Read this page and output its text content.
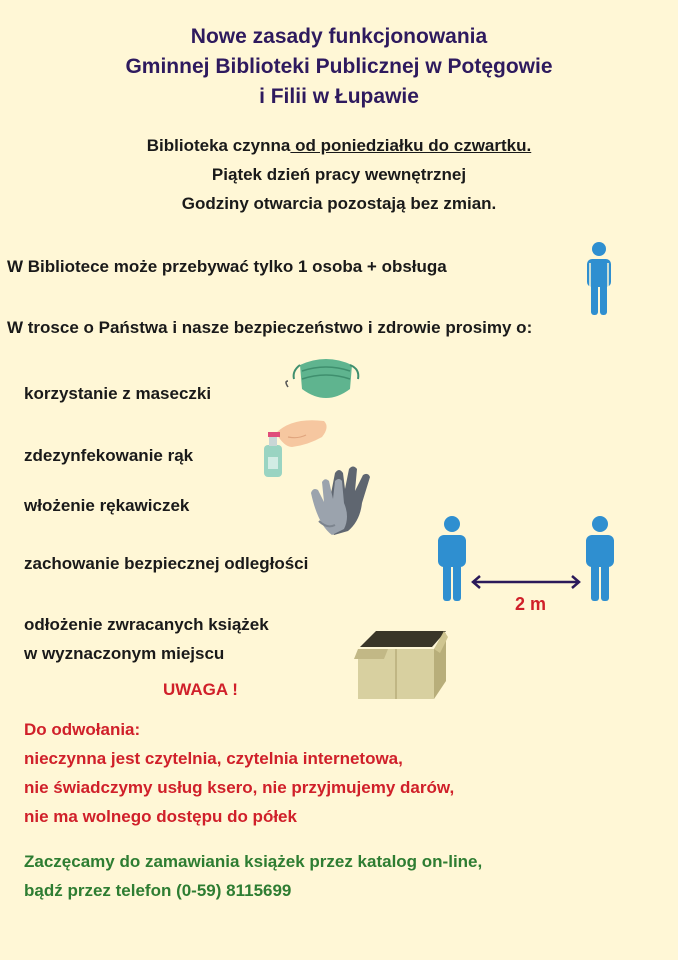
Nowe zasady funkcjonowania
Gminnej Biblioteki Publicznej w Potęgowie
i Filii w Łupawie
Biblioteka czynna od poniedziałku do czwartku.
Piątek dzień pracy wewnętrznej
Godziny otwarcia pozostają bez zmian.
W Bibliotece może przebywać tylko 1 osoba + obsługa
W trosce o Państwa i nasze bezpieczeństwo i zdrowie prosimy o:
korzystanie z maseczki
zdezynfekowanie rąk
włożenie rękawiczek
zachowanie bezpiecznej odległości
2 m
odłożenie zwracanych książek
w wyznaczonym miejscu
UWAGA !
Do odwołania:
nieczynna jest czytelnia, czytelnia internetowa,
nie świadczymy usług ksero, nie przyjmujemy darów,
nie ma wolnego dostępu do półek
Zaczęcamy do zamawiania książek przez katalog on-line,
bądź przez telefon (0-59) 8115699
